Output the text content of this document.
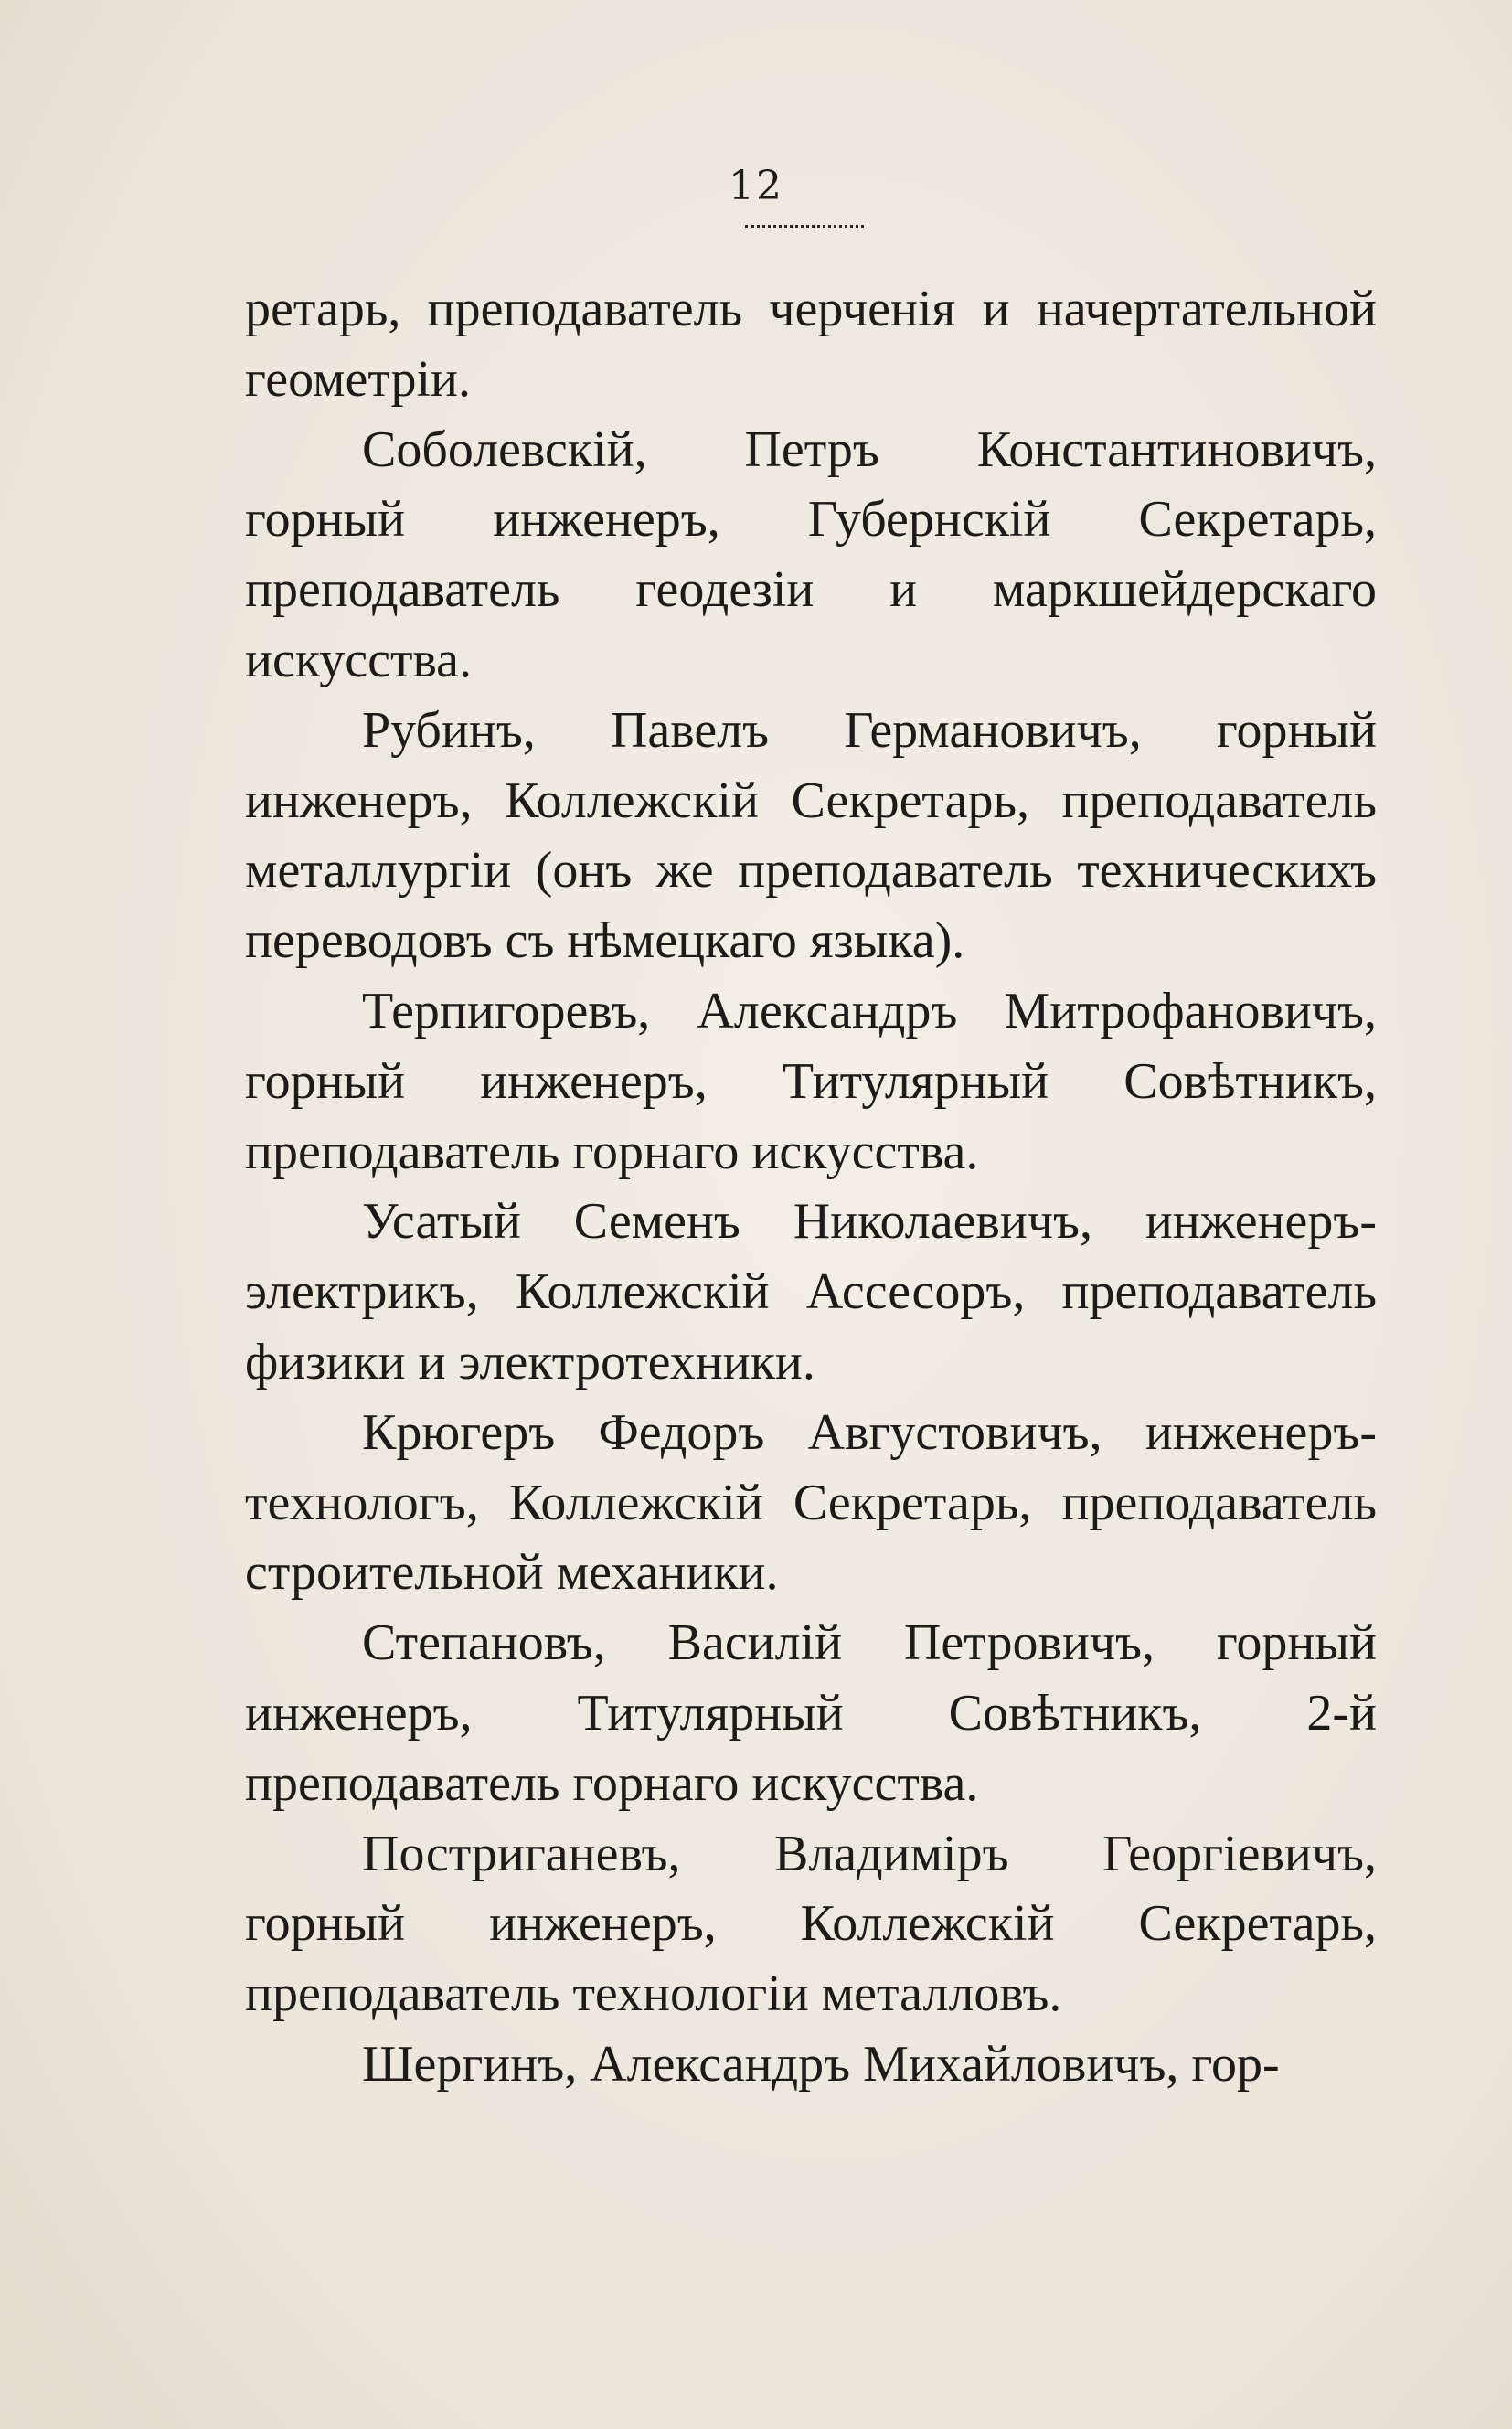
12

ретарь, преподаватель черченія и начертательной геометріи.

Соболевскій, Петръ Константиновичъ, горный инженеръ, Губернскій Секретарь, преподаватель геодезіи и маркшейдерскаго искусства.

Рубинъ, Павелъ Германовичъ, горный инженеръ, Коллежскій Секретарь, преподаватель металлургіи (онъ же преподаватель техническихъ переводовъ съ нѣмецкаго языка).

Терпигоревъ, Александръ Митрофановичъ, горный инженеръ, Титулярный Совѣтникъ, преподаватель горнаго искусства.

Усатый Семенъ Николаевичъ, инженеръ-электрикъ, Коллежскій Ассесоръ, преподаватель физики и электротехники.

Крюгеръ Федоръ Августовичъ, инженеръ-технологъ, Коллежскій Секретарь, преподаватель строительной механики.

Степановъ, Василій Петровичъ, горный инженеръ, Титулярный Совѣтникъ, 2-й преподаватель горнаго искусства.

Постриганевъ, Владиміръ Георгіевичъ, горный инженеръ, Коллежскій Секретарь, преподаватель технологіи металловъ.

Шергинъ, Александръ Михайловичъ, гор-
